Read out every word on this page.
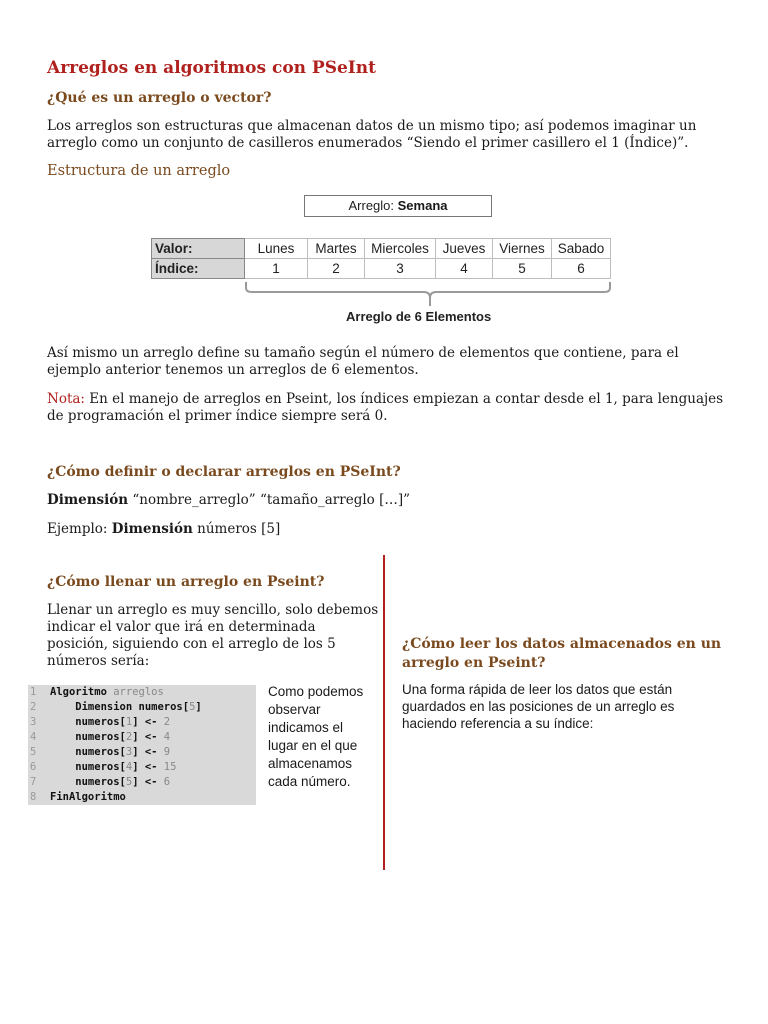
Arreglos en algoritmos con PSeInt
¿Qué es un arreglo o vector?

Los arreglos son estructuras que almacenan datos de un mismo tipo; así podemos imaginar un

arreglo como un conjunto de casilleros enumerados “Siendo el primer casillero el 1 (Índice)”.

Estructura de un arreglo
Arreglo: Semana
Valor:	Lunes	Martes	Miercoles	Jueves	Viernes	Sabado
Índice:	1	2	3	4	5	6
Arreglo de 6 Elementos

Así mismo un arreglo define su tamaño según el número de elementos que contiene, para el

ejemplo anterior tenemos un arreglos de 6 elementos.

Nota: En el manejo de arreglos en Pseint, los índices empiezan a contar desde el 1, para lenguajes

de programación el primer índice siempre será 0.

¿Cómo definir o declarar arreglos en PSeInt?

Dimensión “nombre_arreglo” “tamaño_arreglo […]”

Ejemplo: Dimensión números [5]

¿Cómo llenar un arreglo en Pseint?

Llenar un arreglo es muy sencillo, solo debemos

indicar el valor que irá en determinada

posición, siguiendo con el arreglo de los 5

números sería:

1 Algoritmo arreglos
2    Dimension numeros[5]
3    numeros[1] <- 2
4    numeros[2] <- 4
5    numeros[3] <- 9
6    numeros[4] <- 15
7    numeros[5] <- 6
8 FinAlgoritmo
Como podemos
observar
indicamos el
lugar en el que
almacenamos
cada número.
¿Cómo leer los datos almacenados en un
arreglo en Pseint?
Una forma rápida de leer los datos que están
guardados en las posiciones de un arreglo es
haciendo referencia a su índice:
